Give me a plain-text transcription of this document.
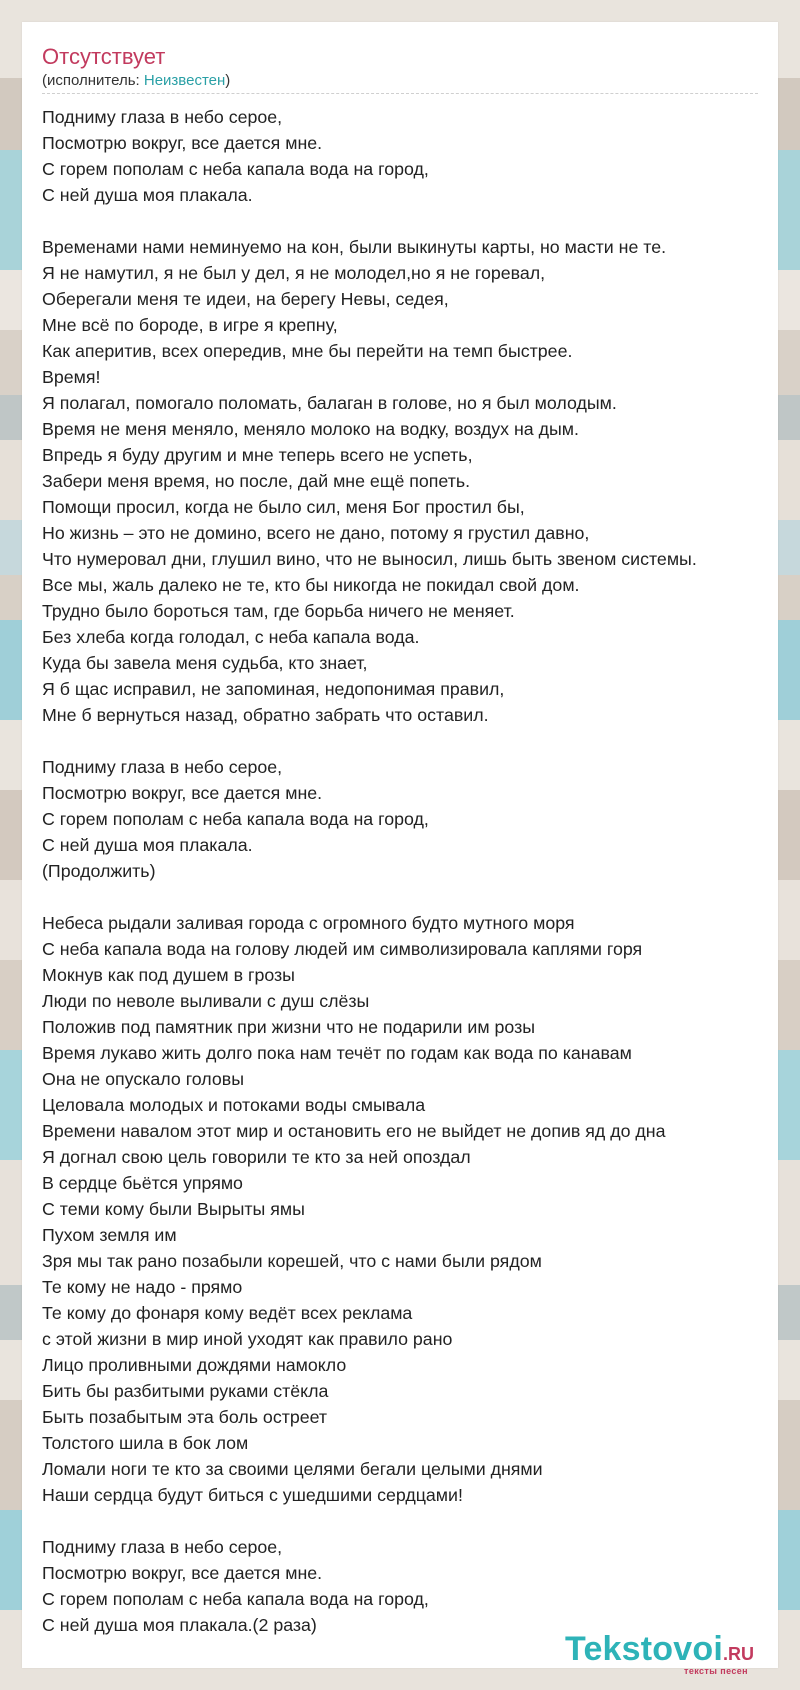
Отсутствует
(исполнитель: Неизвестен)
Подниму глаза в небо серое,
Посмотрю вокруг, все дается мне.
С горем пополам с неба капала вода на город,
С ней душа моя плакала.

Временами нами неминуемо на кон, были выкинуты карты, но масти не те.
Я не намутил, я не был у дел, я не молодел,но я не горевал,
Оберегали меня те идеи, на берегу Невы, седея,
Мне всё по бороде, в игре я крепну,
Как аперитив, всех опередив, мне бы перейти на темп быстрее.
Время!
Я полагал, помогало поломать, балаган в голове, но я был молодым.
Время не меня меняло, меняло молоко на водку, воздух на дым.
Впредь я буду другим и мне теперь всего не успеть,
Забери меня время, но после, дай мне ещё попеть.
Помощи просил, когда не было сил, меня Бог простил бы,
Но жизнь – это не домино, всего не дано, потому я грустил давно,
Что нумеровал дни, глушил вино, что не выносил, лишь быть звеном системы.
Все мы, жаль далеко не те, кто бы никогда не покидал свой дом.
Трудно было бороться там, где борьба ничего не меняет.
Без хлеба когда голодал, с неба капала вода.
Куда бы завела меня судьба, кто знает,
Я б щас исправил, не запоминая, недопонимая правил,
Мне б вернуться назад, обратно забрать что оставил.

Подниму глаза в небо серое,
Посмотрю вокруг, все дается мне.
С горем пополам с неба капала вода на город,
С ней душа моя плакала.
(Продолжить)

Небеса рыдали заливая города с огромного будто мутного моря
С неба капала вода на голову людей им символизировала каплями горя
Мокнув как под душем в грозы
Люди по неволе выливали с душ слёзы
Положив под памятник при жизни что не подарили им розы
Время лукаво жить долго пока нам течёт по годам как вода по канавам
Она не опускало головы
Целовала молодых и потоками воды смывала
Времени навалом этот мир и остановить его не выйдет не допив яд до дна
Я догнал свою цель говорили те кто за ней опоздал
В сердце бьётся упрямо
С теми кому были Вырыты ямы
Пухом земля им
Зря мы так рано позабыли корешей, что с нами были рядом
Те кому не надо - прямо
Те кому до фонаря кому ведёт всех реклама
с этой жизни в мир иной уходят как правило рано
Лицо проливными дождями намокло
Бить бы разбитыми руками стёкла
Быть позабытым эта боль остреет
Толстого шила в бок лом
Ломали ноги те кто за своими целями бегали целыми днями
Наши сердца будут биться с ушедшими сердцами!

Подниму глаза в небо серое,
Посмотрю вокруг, все дается мне.
С горем пополам с неба капала вода на город,
С ней душа моя плакала.(2 раза)
Tekstovoi.RU
тексты песен
